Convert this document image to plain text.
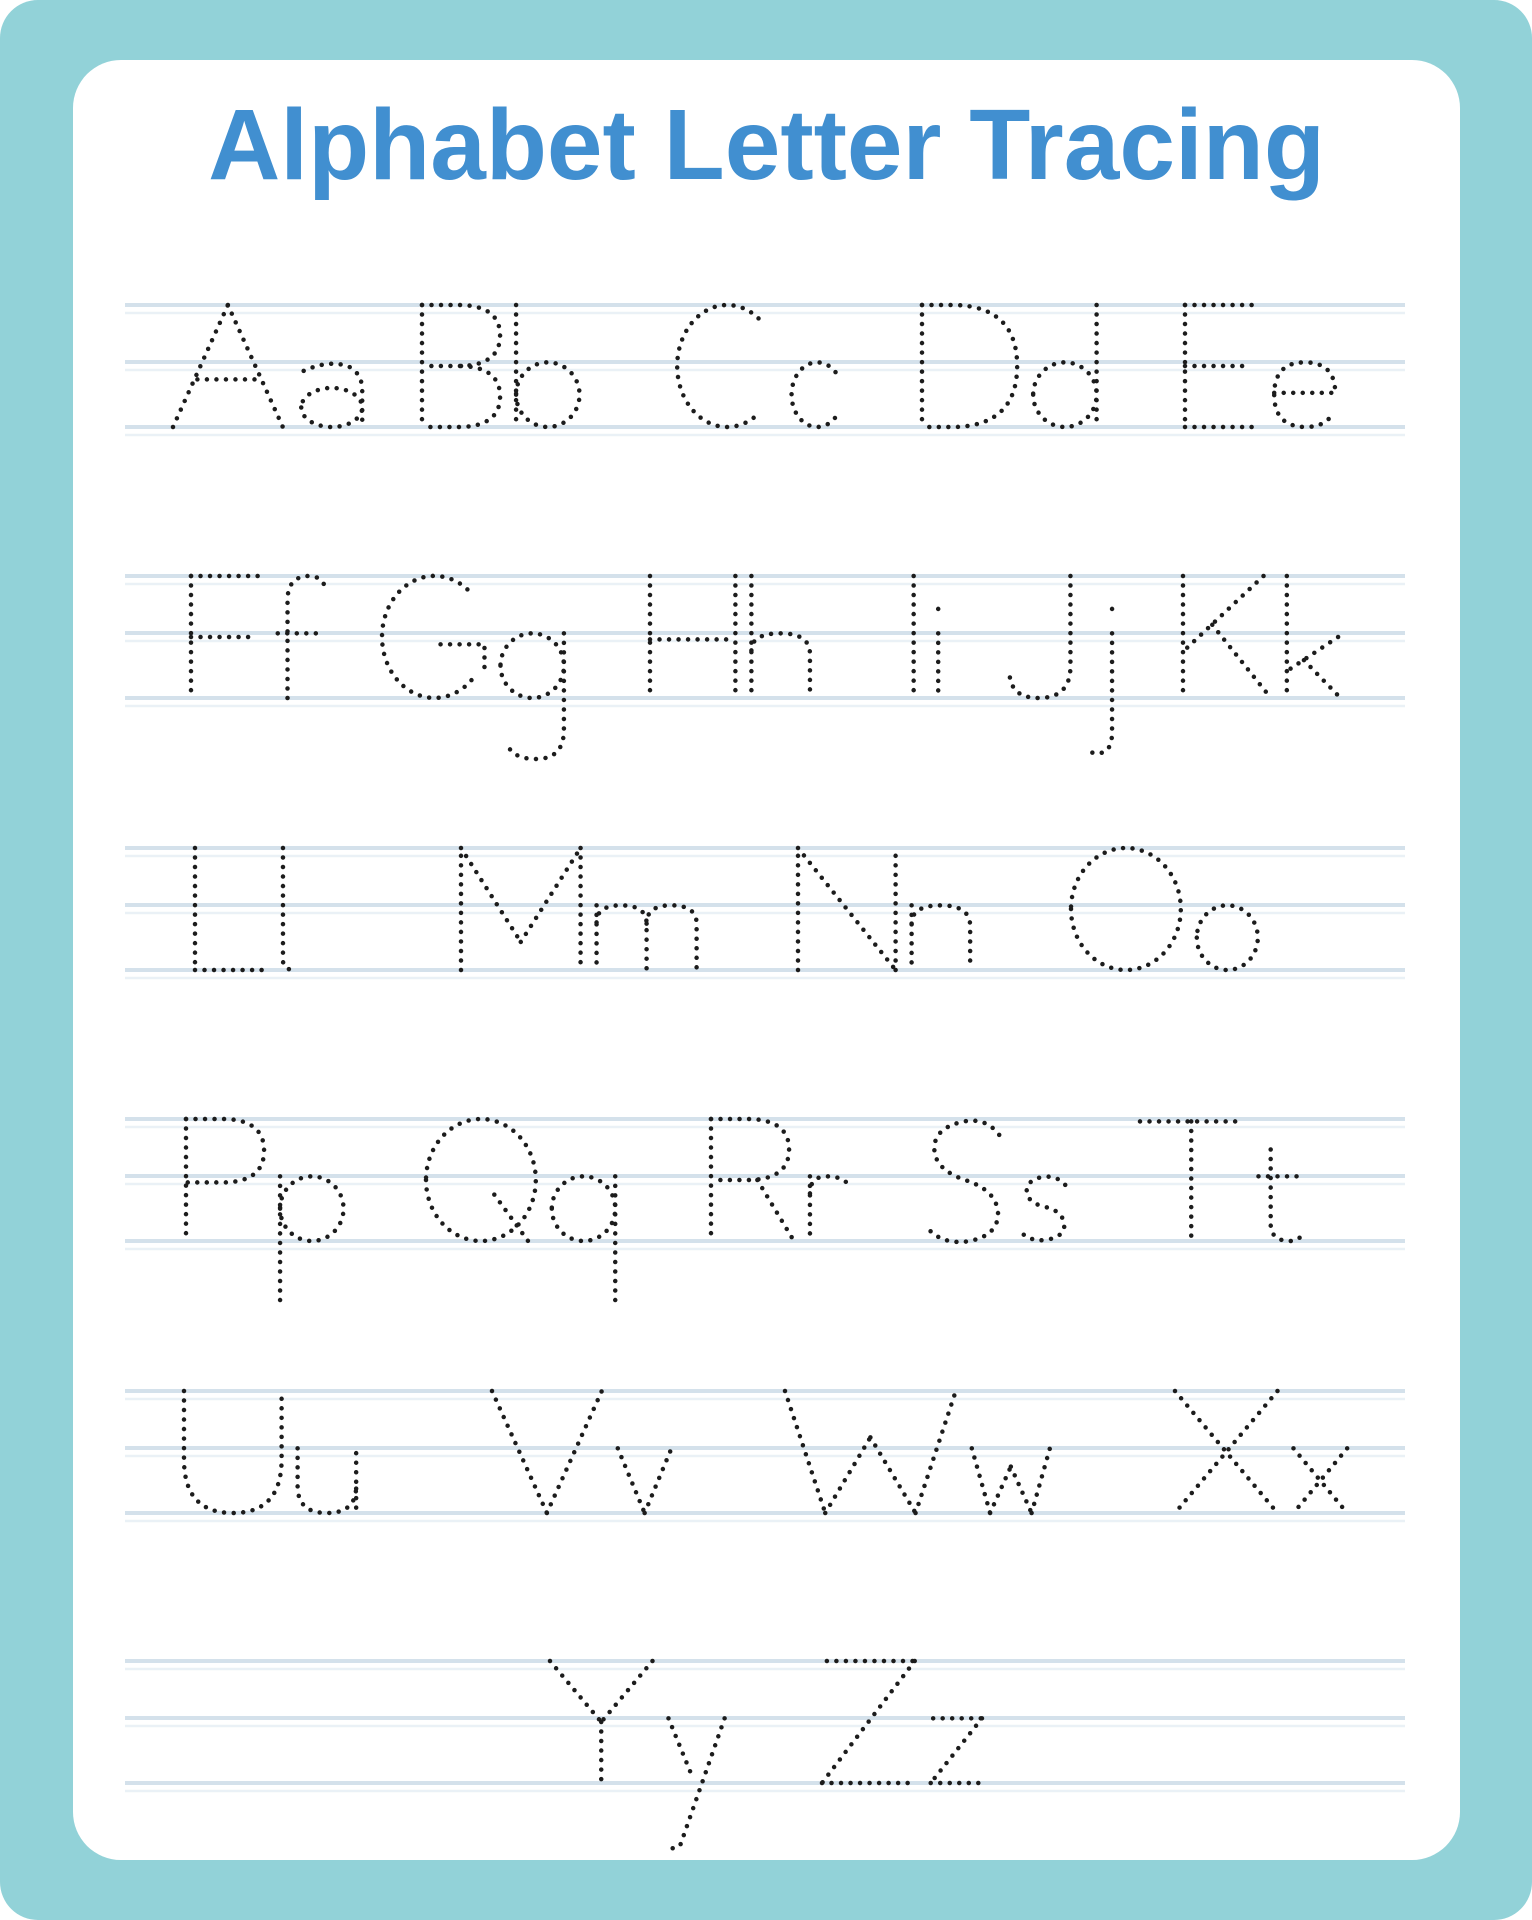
Alphabet Letter Tracing
